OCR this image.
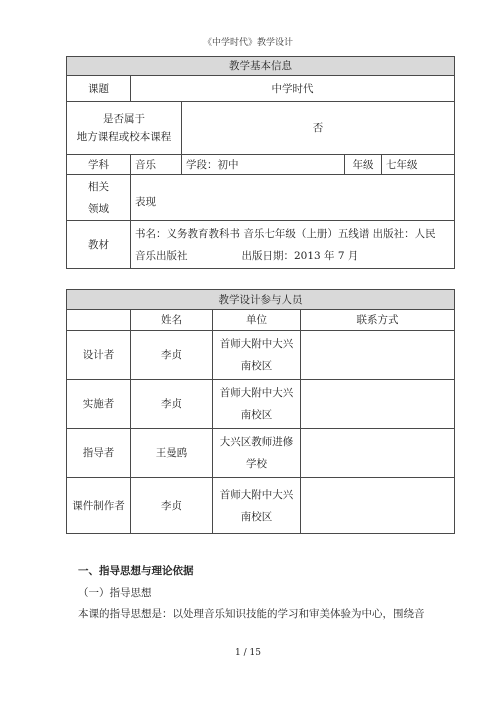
《中学时代》教学设计
教学基本信息				
课题	中学时代			

是否属于
地方课程或校本课程		否		
学科	音乐	学段：初中	年级	七年级

相关
领域	表现			
教材	书名：义务教育教科书 音乐七年级（上册）五线谱 出版社：人民
音乐出版社 出版日期：2013 年 7 月			
教学设计参与人员			
	姓名	单位	联系方式
设计者	李贞	首师大附中大兴
南校区	

实施者	李贞	首师大附中大兴
南校区	

指导者	王曼鸥	大兴区教师进修
学校	

课件制作者	李贞	首师大附中大兴
南校区	

一、指导思想与理论依据
（一）指导思想
本课的指导思想是：以处理音乐知识技能的学习和审美体验为中心，围绕音
1 / 15
